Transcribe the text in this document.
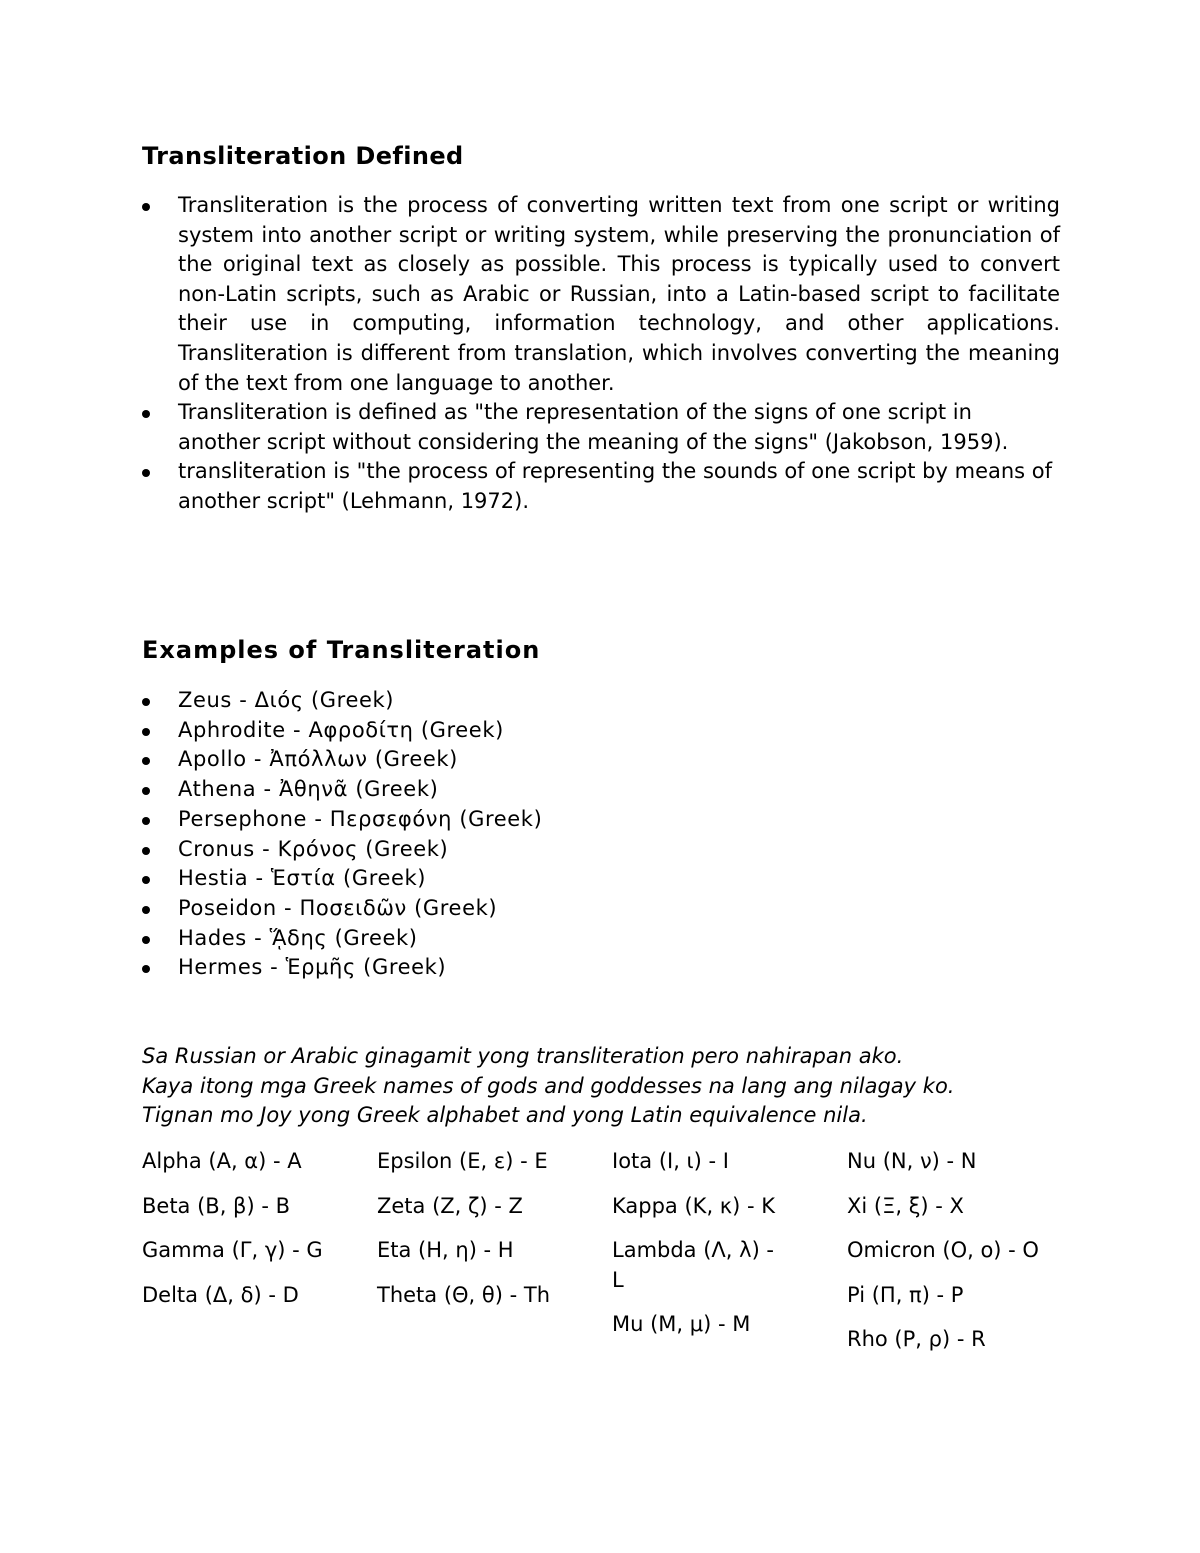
Transliteration Defined
Transliteration is the process of converting written text from one script or writing system into another script or writing system, while preserving the pronunciation of the original text as closely as possible. This process is typically used to convert non-Latin scripts, such as Arabic or Russian, into a Latin-based script to facilitate their use in computing, information technology, and other applications. Transliteration is different from translation, which involves converting the meaning of the text from one language to another.
Transliteration is defined as "the representation of the signs of one script in another script without considering the meaning of the signs" (Jakobson, 1959).
transliteration is "the process of representing the sounds of one script by means of another script" (Lehmann, 1972).
Examples of Transliteration
Zeus - Διός (Greek)
Aphrodite - Αφροδίτη (Greek)
Apollo - Ἀπόλλων (Greek)
Athena - Ἀθηνᾶ (Greek)
Persephone - Περσεφόνη (Greek)
Cronus - Κρόνος (Greek)
Hestia - Ἑστία (Greek)
Poseidon - Ποσειδῶν (Greek)
Hades - ᾍδης (Greek)
Hermes - Ἑρμῆς (Greek)
Sa Russian or Arabic ginagamit yong transliteration pero nahirapan ako.
Kaya itong mga Greek names of gods and goddesses na lang ang nilagay ko.
Tignan mo Joy yong Greek alphabet and yong Latin equivalence nila.
Alpha (Α, α) - A
Beta (Β, β) - B
Gamma (Γ, γ) - G
Delta (Δ, δ) - D
Epsilon (Ε, ε) - E
Zeta (Ζ, ζ) - Z
Eta (Η, η) - H
Theta (Θ, θ) - Th
Iota (Ι, ι) - I
Kappa (Κ, κ) - K
Lambda (Λ, λ) - L
Mu (Μ, μ) - M
Nu (Ν, ν) - N
Xi (Ξ, ξ) - X
Omicron (Ο, ο) - O
Pi (Π, π) - P
Rho (Ρ, ρ) - R
